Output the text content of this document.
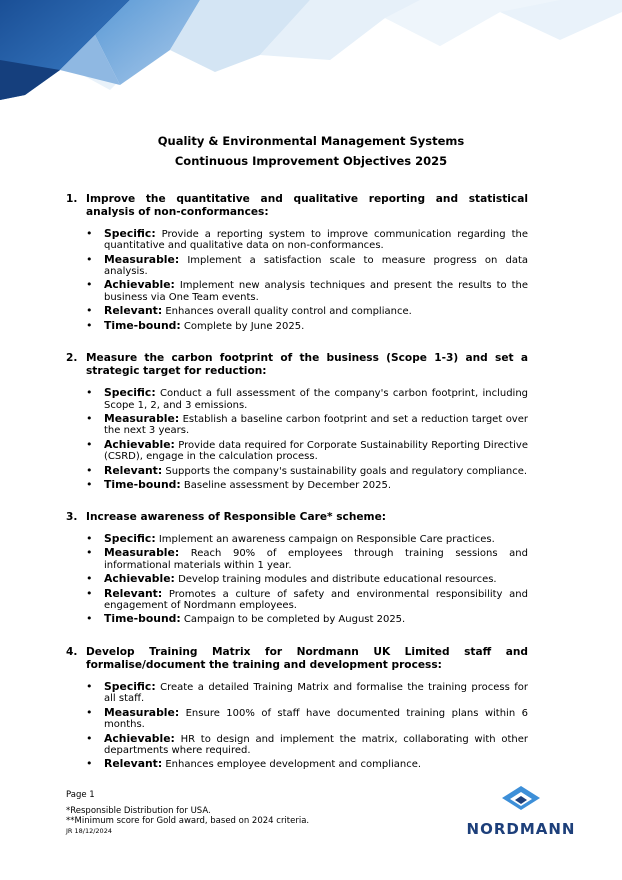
Quality & Environmental Management Systems
Continuous Improvement Objectives 2025
1. Improve the quantitative and qualitative reporting and statistical analysis of non-conformances:
•	Specific: Provide a reporting system to improve communication regarding the quantitative and qualitative data on non-conformances.
•	Measurable: Implement a satisfaction scale to measure progress on data analysis.
•	Achievable: Implement new analysis techniques and present the results to the business via One Team events.
•	Relevant: Enhances overall quality control and compliance.
•	Time-bound: Complete by June 2025.
2. Measure the carbon footprint of the business (Scope 1-3) and set a strategic target for reduction:
•	Specific: Conduct a full assessment of the company's carbon footprint, including Scope 1, 2, and 3 emissions.
•	Measurable: Establish a baseline carbon footprint and set a reduction target over the next 3 years.
•	Achievable: Provide data required for Corporate Sustainability Reporting Directive (CSRD), engage in the calculation process.
•	Relevant: Supports the company's sustainability goals and regulatory compliance.
•	Time-bound: Baseline assessment by December 2025.
3. Increase awareness of Responsible Care* scheme:
•	Specific: Implement an awareness campaign on Responsible Care practices.
•	Measurable: Reach 90% of employees through training sessions and informational materials within 1 year.
•	Achievable: Develop training modules and distribute educational resources.
•	Relevant: Promotes a culture of safety and environmental responsibility and engagement of Nordmann employees.
•	Time-bound: Campaign to be completed by August 2025.
4. Develop Training Matrix for Nordmann UK Limited staff and formalise/document the training and development process:
•	Specific: Create a detailed Training Matrix and formalise the training process for all staff.
•	Measurable: Ensure 100% of staff have documented training plans within 6 months.
•	Achievable: HR to design and implement the matrix, collaborating with other departments where required.
•	Relevant: Enhances employee development and compliance.
Page 1
*Responsible Distribution for USA.
**Minimum score for Gold award, based on 2024 criteria.
JR 18/12/2024	NORDMANN
